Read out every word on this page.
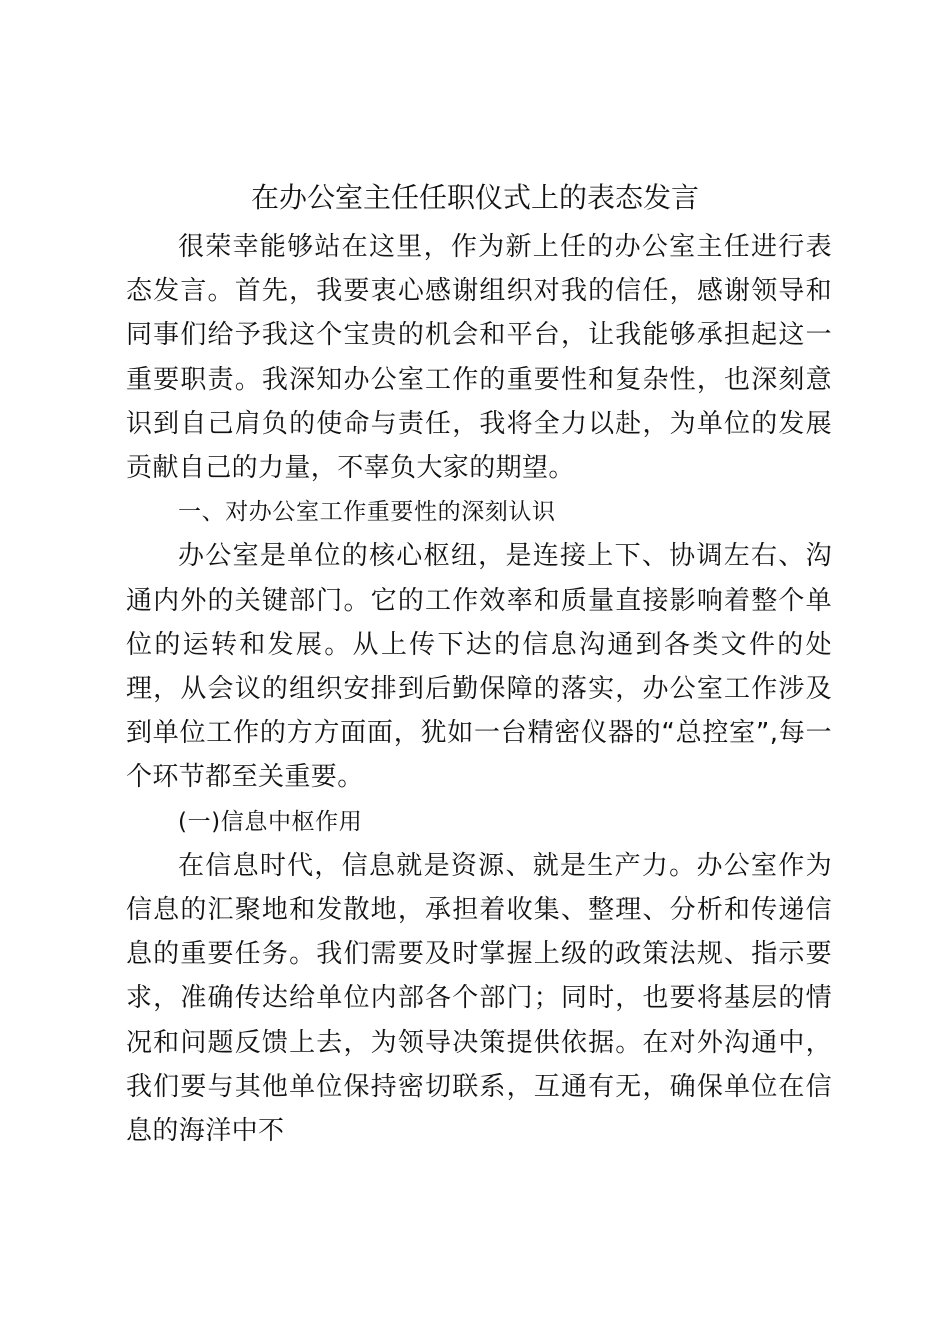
在办公室主任任职仪式上的表态发言

很荣幸能够站在这里，作为新上任的办公室主任进行表态发言。首先，我要衷心感谢组织对我的信任，感谢领导和同事们给予我这个宝贵的机会和平台，让我能够承担起这一重要职责。我深知办公室工作的重要性和复杂性，也深刻意识到自己肩负的使命与责任，我将全力以赴，为单位的发展贡献自己的力量，不辜负大家的期望。

一、对办公室工作重要性的深刻认识

办公室是单位的核心枢纽，是连接上下、协调左右、沟通内外的关键部门。它的工作效率和质量直接影响着整个单位的运转和发展。从上传下达的信息沟通到各类文件的处理，从会议的组织安排到后勤保障的落实，办公室工作涉及到单位工作的方方面面，犹如一台精密仪器的“总控室”,每一个环节都至关重要。

(一)信息中枢作用

在信息时代，信息就是资源、就是生产力。办公室作为信息的汇聚地和发散地，承担着收集、整理、分析和传递信息的重要任务。我们需要及时掌握上级的政策法规、指示要求，准确传达给单位内部各个部门；同时，也要将基层的情况和问题反馈上去，为领导决策提供依据。在对外沟通中，我们要与其他单位保持密切联系，互通有无，确保单位在信息的海洋中不
